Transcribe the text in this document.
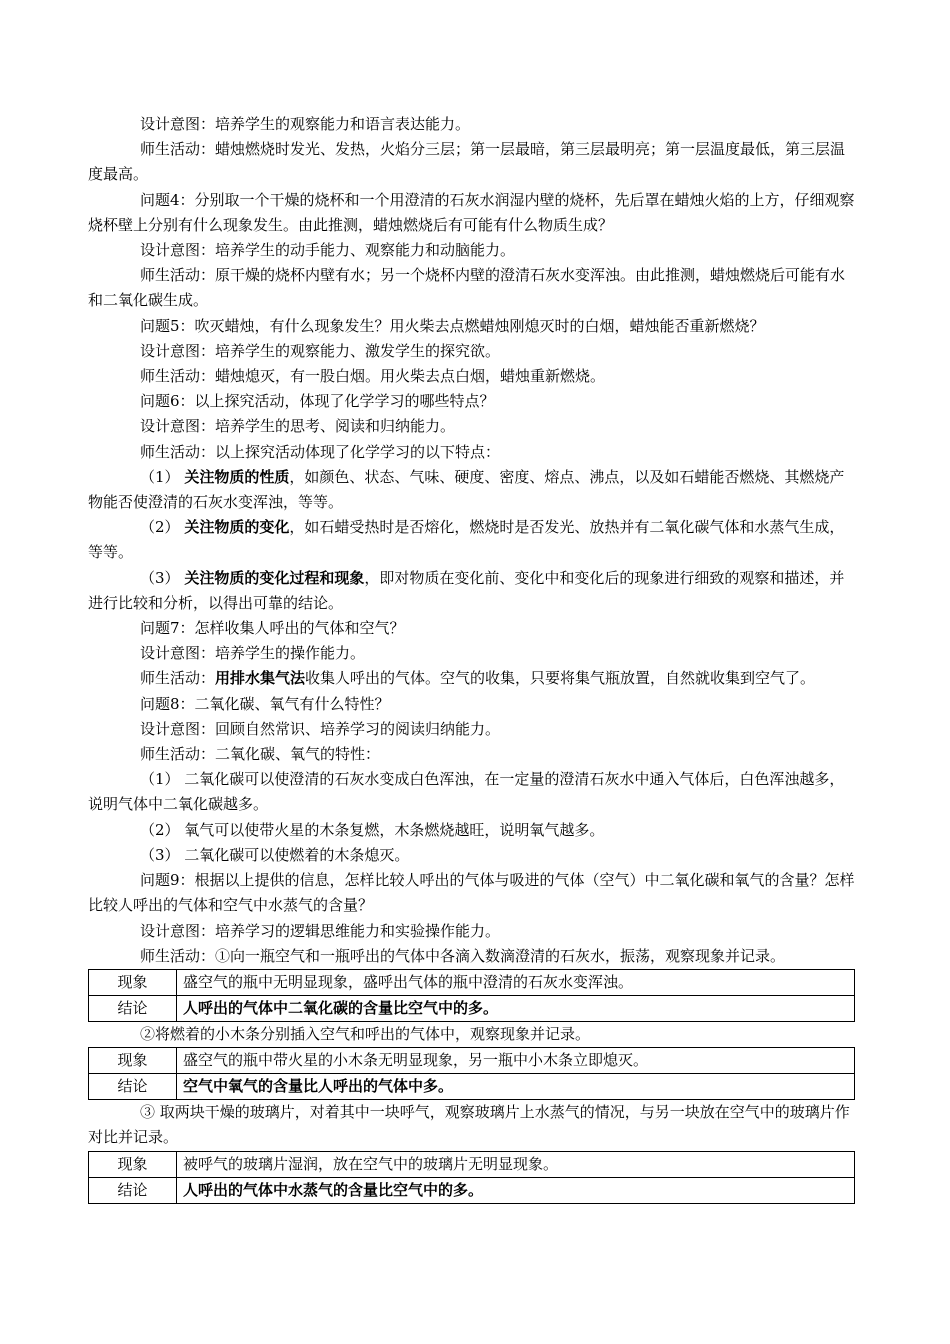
设计意图：培养学生的观察能力和语言表达能力。

师生活动：蜡烛燃烧时发光、发热，火焰分三层；第一层最暗，第三层最明亮；第一层温度最低，第三层温度最高。

问题4：分别取一个干燥的烧杯和一个用澄清的石灰水润湿内壁的烧杯，先后罩在蜡烛火焰的上方，仔细观察烧杯壁上分别有什么现象发生。由此推测，蜡烛燃烧后有可能有什么物质生成？

设计意图：培养学生的动手能力、观察能力和动脑能力。

师生活动：原干燥的烧杯内壁有水；另一个烧杯内壁的澄清石灰水变浑浊。由此推测，蜡烛燃烧后可能有水和二氧化碳生成。

问题5：吹灭蜡烛，有什么现象发生？用火柴去点燃蜡烛刚熄灭时的白烟，蜡烛能否重新燃烧？

设计意图：培养学生的观察能力、激发学生的探究欲。

师生活动：蜡烛熄灭，有一股白烟。用火柴去点白烟，蜡烛重新燃烧。

问题6：以上探究活动，体现了化学学习的哪些特点？

设计意图：培养学生的思考、阅读和归纳能力。

师生活动：以上探究活动体现了化学学习的以下特点：

（1） 关注物质的性质，如颜色、状态、气味、硬度、密度、熔点、沸点，以及如石蜡能否燃烧、其燃烧产物能否使澄清的石灰水变浑浊，等等。

（2） 关注物质的变化，如石蜡受热时是否熔化，燃烧时是否发光、放热并有二氧化碳气体和水蒸气生成，等等。

（3） 关注物质的变化过程和现象，即对物质在变化前、变化中和变化后的现象进行细致的观察和描述，并进行比较和分析，以得出可靠的结论。

问题7：怎样收集人呼出的气体和空气？

设计意图：培养学生的操作能力。

师生活动：用排水集气法收集人呼出的气体。空气的收集，只要将集气瓶放置，自然就收集到空气了。

问题8：二氧化碳、氧气有什么特性？

设计意图：回顾自然常识、培养学习的阅读归纳能力。

师生活动：二氧化碳、氧气的特性：

（1） 二氧化碳可以使澄清的石灰水变成白色浑浊，在一定量的澄清石灰水中通入气体后，白色浑浊越多，说明气体中二氧化碳越多。

（2） 氧气可以使带火星的木条复燃，木条燃烧越旺，说明氧气越多。

（3） 二氧化碳可以使燃着的木条熄灭。

问题9：根据以上提供的信息，怎样比较人呼出的气体与吸进的气体（空气）中二氧化碳和氧气的含量？怎样比较人呼出的气体和空气中水蒸气的含量？

设计意图：培养学习的逻辑思维能力和实验操作能力。

师生活动：①向一瓶空气和一瓶呼出的气体中各滴入数滴澄清的石灰水，振荡，观察现象并记录。

现象	盛空气的瓶中无明显现象，盛呼出气体的瓶中澄清的石灰水变浑浊。
结论	人呼出的气体中二氧化碳的含量比空气中的多。

②将燃着的小木条分别插入空气和呼出的气体中，观察现象并记录。

现象	盛空气的瓶中带火星的小木条无明显现象，另一瓶中小木条立即熄灭。
结论	空气中氧气的含量比人呼出的气体中多。

③ 取两块干燥的玻璃片，对着其中一块呼气，观察玻璃片上水蒸气的情况，与另一块放在空气中的玻璃片作对比并记录。

现象	被呼气的玻璃片湿润，放在空气中的玻璃片无明显现象。
结论	人呼出的气体中水蒸气的含量比空气中的多。
